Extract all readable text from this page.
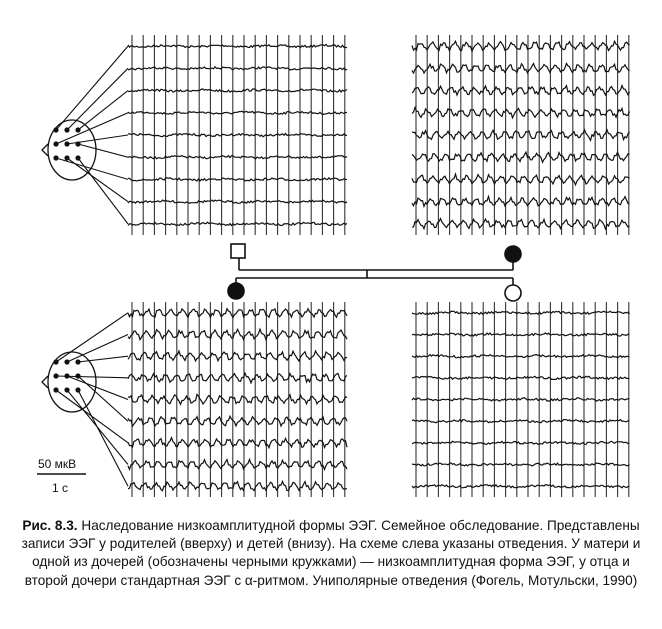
50 мкВ
1 с
Рис. 8.3. Наследование низкоамплитудной формы ЭЭГ. Семейное обследование. Представлены записи ЭЭГ у родителей (вверху) и детей (внизу). На схеме слева указаны отведения. У матери и одной из дочерей (обозначены черными кружками) — низкоамплитудная форма ЭЭГ, у отца и второй дочери стандартная ЭЭГ с α-ритмом. Униполярные отведения (Фогель, Мотульски, 1990)
